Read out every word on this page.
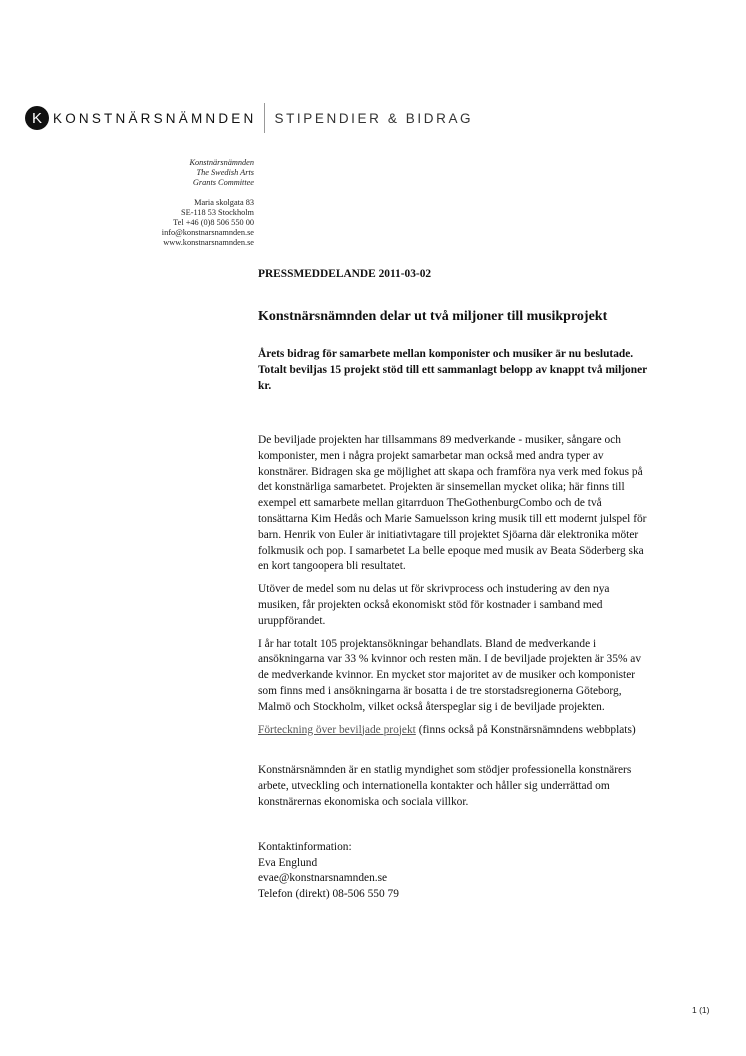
K KONSTNÄRSNÄMNDEN STIPENDIER & BIDRAG
Konstnärsnämnden
The Swedish Arts
Grants Committee
Maria skolgata 83
SE-118 53 Stockholm
Tel +46 (0)8 506 550 00
info@konstnarsnamnden.se
www.konstnarsnamnden.se
PRESSMEDDELANDE 2011-03-02
Konstnärsnämnden delar ut två miljoner till musikprojekt
Årets bidrag för samarbete mellan komponister och musiker är nu beslutade.
Totalt beviljas 15 projekt stöd till ett sammanlagt belopp av knappt två miljoner
kr.

De beviljade projekten har tillsammans 89 medverkande - musiker, sångare och
komponister, men i några projekt samarbetar man också med andra typer av
konstnärer. Bidragen ska ge möjlighet att skapa och framföra nya verk med fokus på
det konstnärliga samarbetet. Projekten är sinsemellan mycket olika; här finns till
exempel ett samarbete mellan gitarrduon TheGothenburgCombo och de två
tonsättarna Kim Hedås och Marie Samuelsson kring musik till ett modernt julspel för
barn. Henrik von Euler är initiativtagare till projektet Sjöarna där elektronika möter
folkmusik och pop. I samarbetet La belle epoque med musik av Beata Söderberg ska
en kort tangoopera bli resultatet.

Utöver de medel som nu delas ut för skrivprocess och instudering av den nya
musiken, får projekten också ekonomiskt stöd för kostnader i samband med
uruppförandet.

I år har totalt 105 projektansökningar behandlats. Bland de medverkande i
ansökningarna var 33 % kvinnor och resten män. I de beviljade projekten är 35% av
de medverkande kvinnor. En mycket stor majoritet av de musiker och komponister
som finns med i ansökningarna är bosatta i de tre storstadsregionerna Göteborg,
Malmö och Stockholm, vilket också återspeglar sig i de beviljade projekten.

Förteckning över beviljade projekt (finns också på Konstnärsnämndens webbplats)

Konstnärsnämnden är en statlig myndighet som stödjer professionella konstnärers
arbete, utveckling och internationella kontakter och håller sig underrättad om
konstnärernas ekonomiska och sociala villkor.

Kontaktinformation:
Eva Englund
evae@konstnarsnamnden.se
Telefon (direkt) 08-506 550 79

1 (1)
